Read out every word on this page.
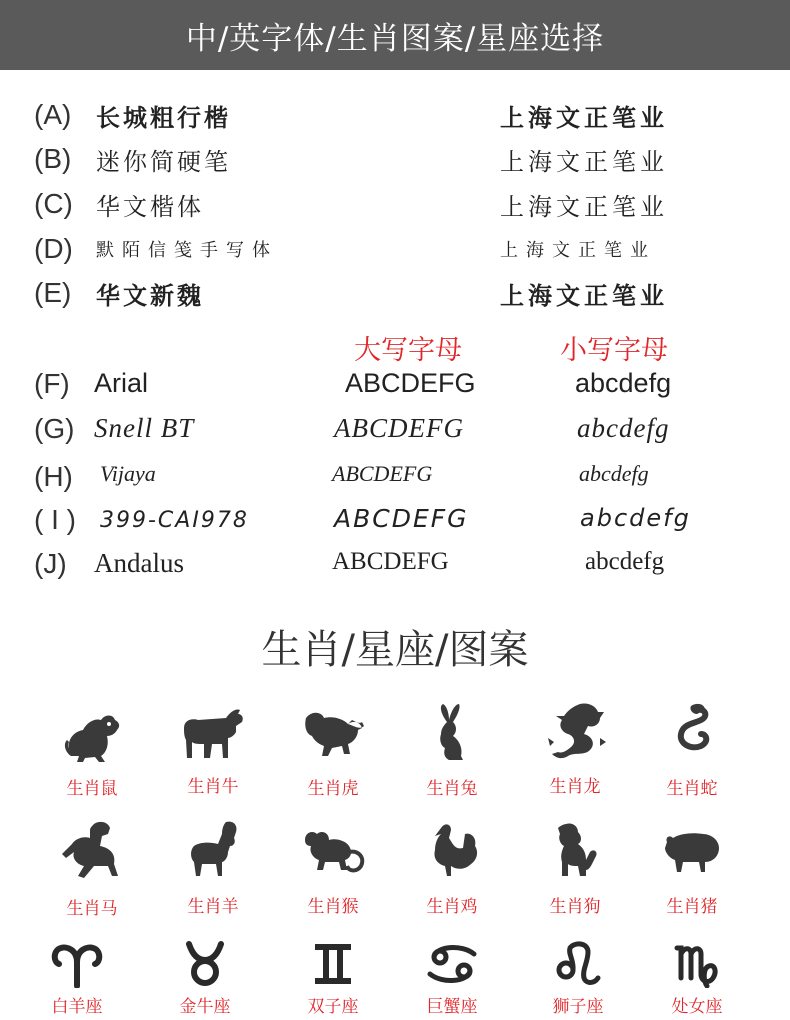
中/英字体/生肖图案/星座选择
(A)	长城粗行楷	上海文正笔业
(B)	迷你简硬笔	上海文正笔业
(C) 华文楷体	上海文正笔业
(D)	默陌信笺手写体	上海文正笔业
(E)	华文新魏	上海文正笔业
大写字母	小写字母
(F) Arial	ABCDEFG	abcdefg
(G) Snell BT	ABCDEFG	abcdefg
(H) Vijaya	ABCDEFG	abcdefg
( I ) 399-CAI978	ABCDEFG	abcdefg
(J) Andalus	ABCDEFG	abcdefg
生肖/星座/图案
生肖鼠	生肖牛	生肖虎	生肖兔	生肖龙	生肖蛇
生肖马	生肖羊	生肖猴	生肖鸡	生肖狗	生肖猪
白羊座	金牛座	双子座	巨蟹座	狮子座	处女座
